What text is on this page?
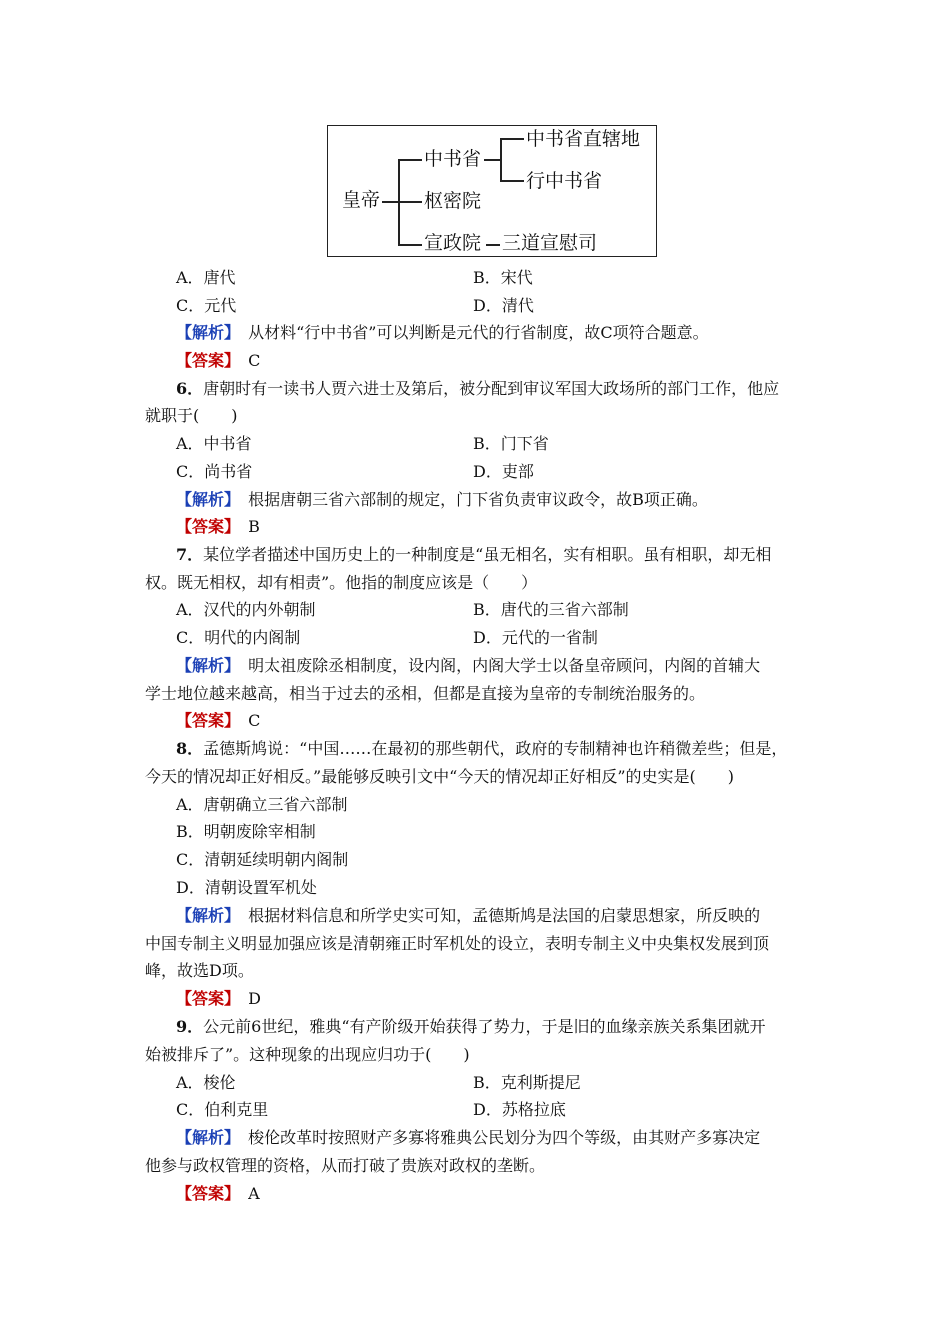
皇帝
中书省
枢密院
宣政院
中书省直辖地
行中书省
三道宣慰司
A．唐代	B．宋代
C．元代	D．清代
【解析】　 从材料“行中书省”可以判断是元代的行省制度，故C项符合题意。
【答案】　 C
6．唐朝时有一读书人贾六进士及第后，被分配到审议军国大政场所的部门工作，他应
就职于(　　)
A．中书省	B．门下省
C．尚书省	D．吏部
【解析】　 根据唐朝三省六部制的规定，门下省负责审议政令，故B项正确。
【答案】　 B
7．某位学者描述中国历史上的一种制度是“虽无相名，实有相职。虽有相职，却无相
权。既无相权，却有相责”。他指的制度应该是（　　）
A．汉代的内外朝制	B．唐代的三省六部制
C．明代的内阁制	D．元代的一省制
【解析】　 明太祖废除丞相制度，设内阁，内阁大学士以备皇帝顾问，内阁的首辅大
学士地位越来越高，相当于过去的丞相，但都是直接为皇帝的专制统治服务的。
【答案】　 C
8．孟德斯鸠说：“中国……在最初的那些朝代，政府的专制精神也许稍微差些；但是，
今天的情况却正好相反。”最能够反映引文中“今天的情况却正好相反”的史实是(　　)
A．唐朝确立三省六部制
B．明朝废除宰相制
C．清朝延续明朝内阁制
D．清朝设置军机处
【解析】　 根据材料信息和所学史实可知，孟德斯鸠是法国的启蒙思想家，所反映的
中国专制主义明显加强应该是清朝雍正时军机处的设立，表明专制主义中央集权发展到顶
峰，故选D项。
【答案】　 D
9．公元前6世纪，雅典“有产阶级开始获得了势力，于是旧的血缘亲族关系集团就开
始被排斥了”。这种现象的出现应归功于(　　)
A．梭伦	B．克利斯提尼
C．伯利克里	D．苏格拉底
【解析】　 梭伦改革时按照财产多寡将雅典公民划分为四个等级，由其财产多寡决定
他参与政权管理的资格，从而打破了贵族对政权的垄断。
【答案】　 A
